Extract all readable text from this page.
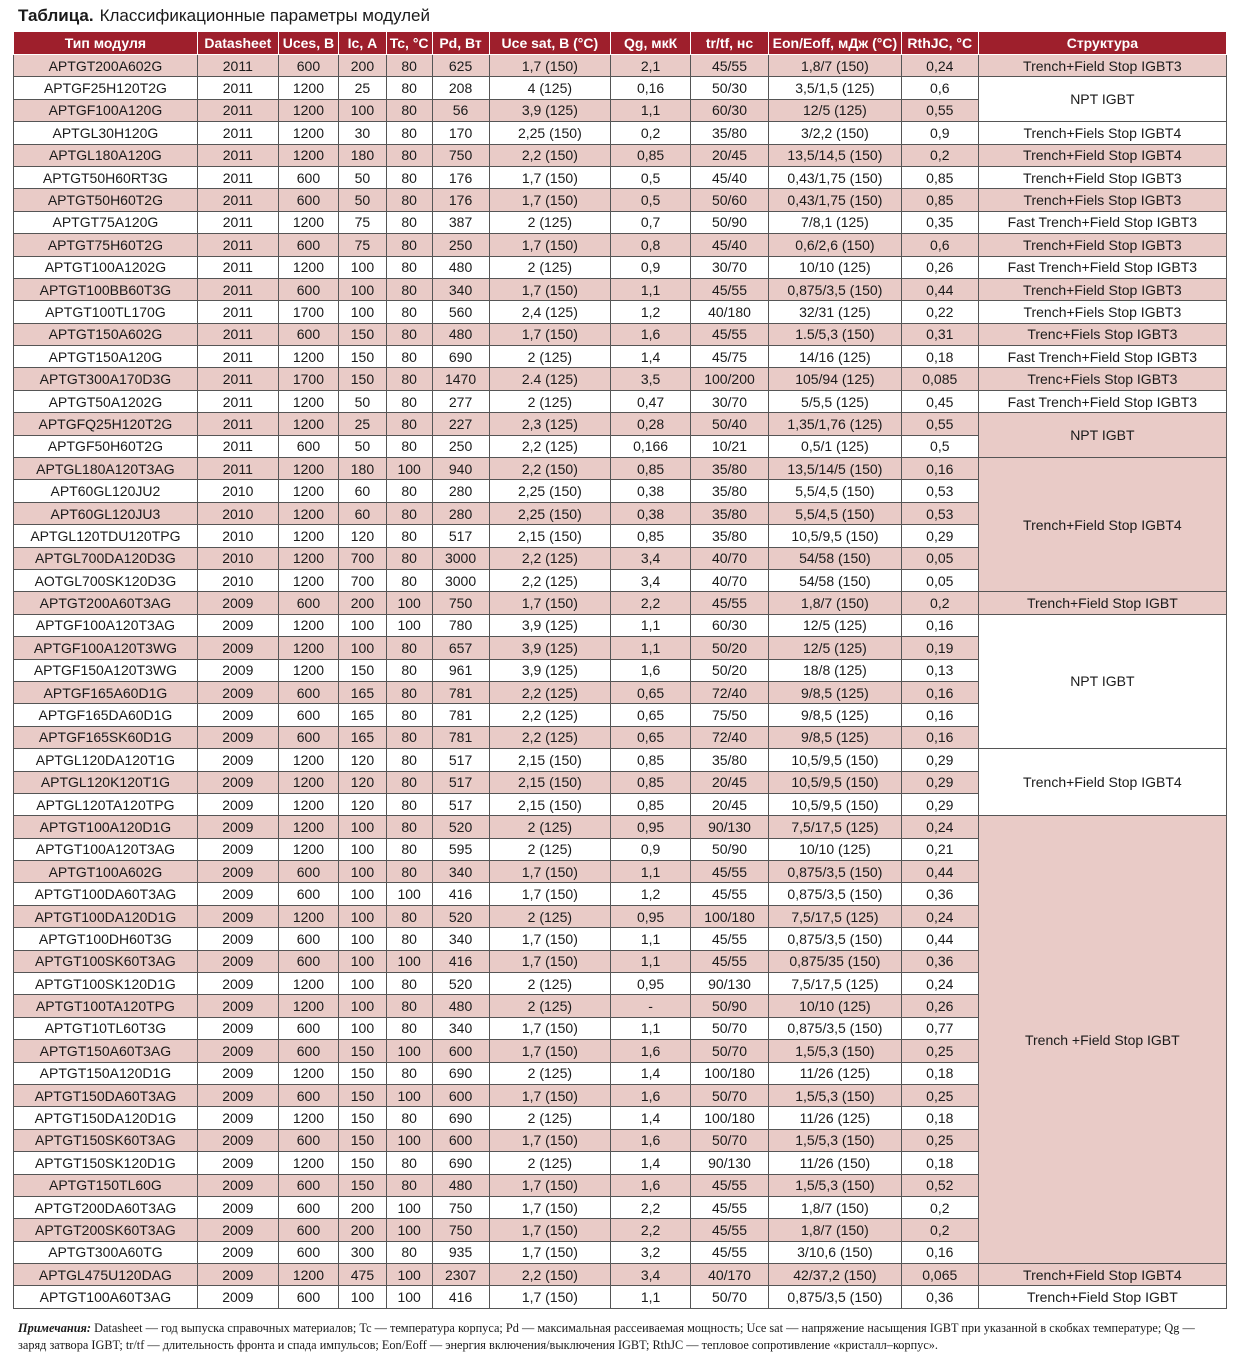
Таблица. Классификационные параметры модулей
Тип модуля	Datasheet	Uces, В	Ic, А	Tc, °C	Pd, Вт	Uce sat, В (°C)	Qg, мкК	tr/tf, нс	Eon/Eoff, мДж (°C)	RthJC, °C	Структура
APTGT200A602G	2011	600	200	80	625	1,7 (150)	2,1	45/55	1,8/7 (150)	0,24	Trench+Field Stop IGBT3
APTGF25H120T2G	2011	1200	25	80	208	4 (125)	0,16	50/30	3,5/1,5 (125)	0,6	NPT IGBT
APTGF100A120G	2011	1200	100	80	56	3,9 (125)	1,1	60/30	12/5 (125)	0,55	
APTGL30H120G	2011	1200	30	80	170	2,25 (150)	0,2	35/80	3/2,2 (150)	0,9	Trench+Fiels Stop IGBT4
APTGL180A120G	2011	1200	180	80	750	2,2 (150)	0,85	20/45	13,5/14,5 (150)	0,2	Trench+Field Stop IGBT4
APTGT50H60RT3G	2011	600	50	80	176	1,7 (150)	0,5	45/40	0,43/1,75 (150)	0,85	Trench+Field Stop IGBT3
APTGT50H60T2G	2011	600	50	80	176	1,7 (150)	0,5	50/60	0,43/1,75 (150)	0,85	Trench+Fiels Stop IGBT3
APTGT75A120G	2011	1200	75	80	387	2 (125)	0,7	50/90	7/8,1 (125)	0,35	Fast Trench+Field Stop IGBT3
APTGT75H60T2G	2011	600	75	80	250	1,7 (150)	0,8	45/40	0,6/2,6 (150)	0,6	Trench+Field Stop IGBT3
APTGT100A1202G	2011	1200	100	80	480	2 (125)	0,9	30/70	10/10 (125)	0,26	Fast Trench+Field Stop IGBT3
APTGT100BB60T3G	2011	600	100	80	340	1,7 (150)	1,1	45/55	0,875/3,5 (150)	0,44	Trench+Field Stop IGBT3
APTGT100TL170G	2011	1700	100	80	560	2,4 (125)	1,2	40/180	32/31 (125)	0,22	Trench+Fiels Stop IGBT3
APTGT150A602G	2011	600	150	80	480	1,7 (150)	1,6	45/55	1.5/5,3 (150)	0,31	Trenc+Fiels Stop IGBT3
APTGT150A120G	2011	1200	150	80	690	2 (125)	1,4	45/75	14/16 (125)	0,18	Fast Trench+Field Stop IGBT3
APTGT300A170D3G	2011	1700	150	80	1470	2.4 (125)	3,5	100/200	105/94 (125)	0,085	Trenc+Fiels Stop IGBT3
APTGT50A1202G	2011	1200	50	80	277	2 (125)	0,47	30/70	5/5,5 (125)	0,45	Fast Trench+Field Stop IGBT3
APTGFQ25H120T2G	2011	1200	25	80	227	2,3 (125)	0,28	50/40	1,35/1,76 (125)	0,55	NPT IGBT
APTGF50H60T2G	2011	600	50	80	250	2,2 (125)	0,166	10/21	0,5/1 (125)	0,5	
APTGL180A120T3AG	2011	1200	180	100	940	2,2 (150)	0,85	35/80	13,5/14/5 (150)	0,16	Trench+Field Stop IGBT4
APT60GL120JU2	2010	1200	60	80	280	2,25 (150)	0,38	35/80	5,5/4,5 (150)	0,53	
APT60GL120JU3	2010	1200	60	80	280	2,25 (150)	0,38	35/80	5,5/4,5 (150)	0,53	
APTGL120TDU120TPG	2010	1200	120	80	517	2,15 (150)	0,85	35/80	10,5/9,5 (150)	0,29	
APTGL700DA120D3G	2010	1200	700	80	3000	2,2 (125)	3,4	40/70	54/58 (150)	0,05	
AOTGL700SK120D3G	2010	1200	700	80	3000	2,2 (125)	3,4	40/70	54/58 (150)	0,05	
APTGT200A60T3AG	2009	600	200	100	750	1,7 (150)	2,2	45/55	1,8/7 (150)	0,2	Trench+Field Stop IGBT
APTGF100A120T3AG	2009	1200	100	100	780	3,9 (125)	1,1	60/30	12/5 (125)	0,16	NPT IGBT
APTGF100A120T3WG	2009	1200	100	80	657	3,9 (125)	1,1	50/20	12/5 (125)	0,19	
APTGF150A120T3WG	2009	1200	150	80	961	3,9 (125)	1,6	50/20	18/8 (125)	0,13	
APTGF165A60D1G	2009	600	165	80	781	2,2 (125)	0,65	72/40	9/8,5 (125)	0,16	
APTGF165DA60D1G	2009	600	165	80	781	2,2 (125)	0,65	75/50	9/8,5 (125)	0,16	
APTGF165SK60D1G	2009	600	165	80	781	2,2 (125)	0,65	72/40	9/8,5 (125)	0,16	
APTGL120DA120T1G	2009	1200	120	80	517	2,15 (150)	0,85	35/80	10,5/9,5 (150)	0,29	Trench+Field Stop IGBT4
APTGL120K120T1G	2009	1200	120	80	517	2,15 (150)	0,85	20/45	10,5/9,5 (150)	0,29	
APTGL120TA120TPG	2009	1200	120	80	517	2,15 (150)	0,85	20/45	10,5/9,5 (150)	0,29	
APTGT100A120D1G	2009	1200	100	80	520	2 (125)	0,95	90/130	7,5/17,5 (125)	0,24	Trench +Field Stop IGBT
APTGT100A120T3AG	2009	1200	100	80	595	2 (125)	0,9	50/90	10/10 (125)	0,21	
APTGT100A602G	2009	600	100	80	340	1,7 (150)	1,1	45/55	0,875/3,5 (150)	0,44	
APTGT100DA60T3AG	2009	600	100	100	416	1,7 (150)	1,2	45/55	0,875/3,5 (150)	0,36	
APTGT100DA120D1G	2009	1200	100	80	520	2 (125)	0,95	100/180	7,5/17,5 (125)	0,24	
APTGT100DH60T3G	2009	600	100	80	340	1,7 (150)	1,1	45/55	0,875/3,5 (150)	0,44	
APTGT100SK60T3AG	2009	600	100	100	416	1,7 (150)	1,1	45/55	0,875/35 (150)	0,36	
APTGT100SK120D1G	2009	1200	100	80	520	2 (125)	0,95	90/130	7,5/17,5 (125)	0,24	
APTGT100TA120TPG	2009	1200	100	80	480	2 (125)	-	50/90	10/10 (125)	0,26	
APTGT10TL60T3G	2009	600	100	80	340	1,7 (150)	1,1	50/70	0,875/3,5 (150)	0,77	
APTGT150A60T3AG	2009	600	150	100	600	1,7 (150)	1,6	50/70	1,5/5,3 (150)	0,25	
APTGT150A120D1G	2009	1200	150	80	690	2 (125)	1,4	100/180	11/26 (125)	0,18	
APTGT150DA60T3AG	2009	600	150	100	600	1,7 (150)	1,6	50/70	1,5/5,3 (150)	0,25	
APTGT150DA120D1G	2009	1200	150	80	690	2 (125)	1,4	100/180	11/26 (125)	0,18	
APTGT150SK60T3AG	2009	600	150	100	600	1,7 (150)	1,6	50/70	1,5/5,3 (150)	0,25	
APTGT150SK120D1G	2009	1200	150	80	690	2 (125)	1,4	90/130	11/26 (150)	0,18	
APTGT150TL60G	2009	600	150	80	480	1,7 (150)	1,6	45/55	1,5/5,3 (150)	0,52	
APTGT200DA60T3AG	2009	600	200	100	750	1,7 (150)	2,2	45/55	1,8/7 (150)	0,2	
APTGT200SK60T3AG	2009	600	200	100	750	1,7 (150)	2,2	45/55	1,8/7 (150)	0,2	
APTGT300A60TG	2009	600	300	80	935	1,7 (150)	3,2	45/55	3/10,6 (150)	0,16	
APTGL475U120DAG	2009	1200	475	100	2307	2,2 (150)	3,4	40/170	42/37,2 (150)	0,065	Trench+Field Stop IGBT4
APTGT100A60T3AG	2009	600	100	100	416	1,7 (150)	1,1	50/70	0,875/3,5 (150)	0,36	Trench+Field Stop IGBT
Примечания: Datasheet — год выпуска справочных материалов; Tc — температура корпуса; Pd — максимальная рассеиваемая мощность; Uce sat — напряжение насыщения IGBT при указанной в скобках температуре; Qg — заряд затвора IGBT; tr/tf — длительность фронта и спада импульсов; Eon/Eoff — энергия включения/выключения IGBT; RthJC — тепловое сопротивление «кристалл–корпус».
